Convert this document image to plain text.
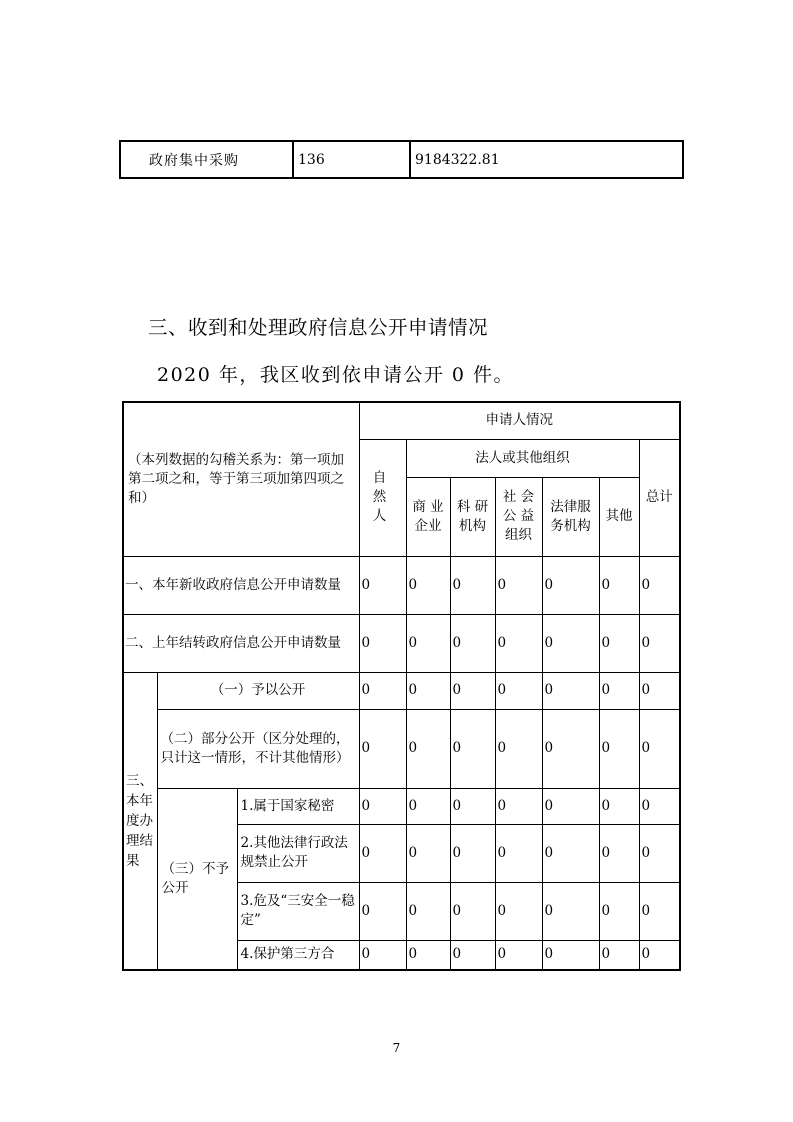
政府集中采购	136	9184322.81
三、收到和处理政府信息公开申请情况
2020 年，我区收到依申请公开 0 件。
（本列数据的勾稽关系为：第一项加第二项之和，等于第三项加第四项之和）			申请人情况						
			自 然 人	法人或其他组织					总计
				商 业 企业	科 研 机构	社 会 公 益 组织	法律服务机构	其他	
一、本年新收政府信息公开申请数量			0	0	0	0	0	0	0
二、上年结转政府信息公开申请数量			0	0	0	0	0	0	0
三、本年度办理结果	（一）予以公开		0	0	0	0	0	0	0
	（二）部分公开（区分处理的，只计这一情形，不计其他情形）		0	0	0	0	0	0	0
	（三）不予公开	1.属于国家秘密	0	0	0	0	0	0	0
		2.其他法律行政法规禁止公开	0	0	0	0	0	0	0
		3.危及“三安全一稳定”	0	0	0	0	0	0	0
		4.保护第三方合	0	0	0	0	0	0	0
7
